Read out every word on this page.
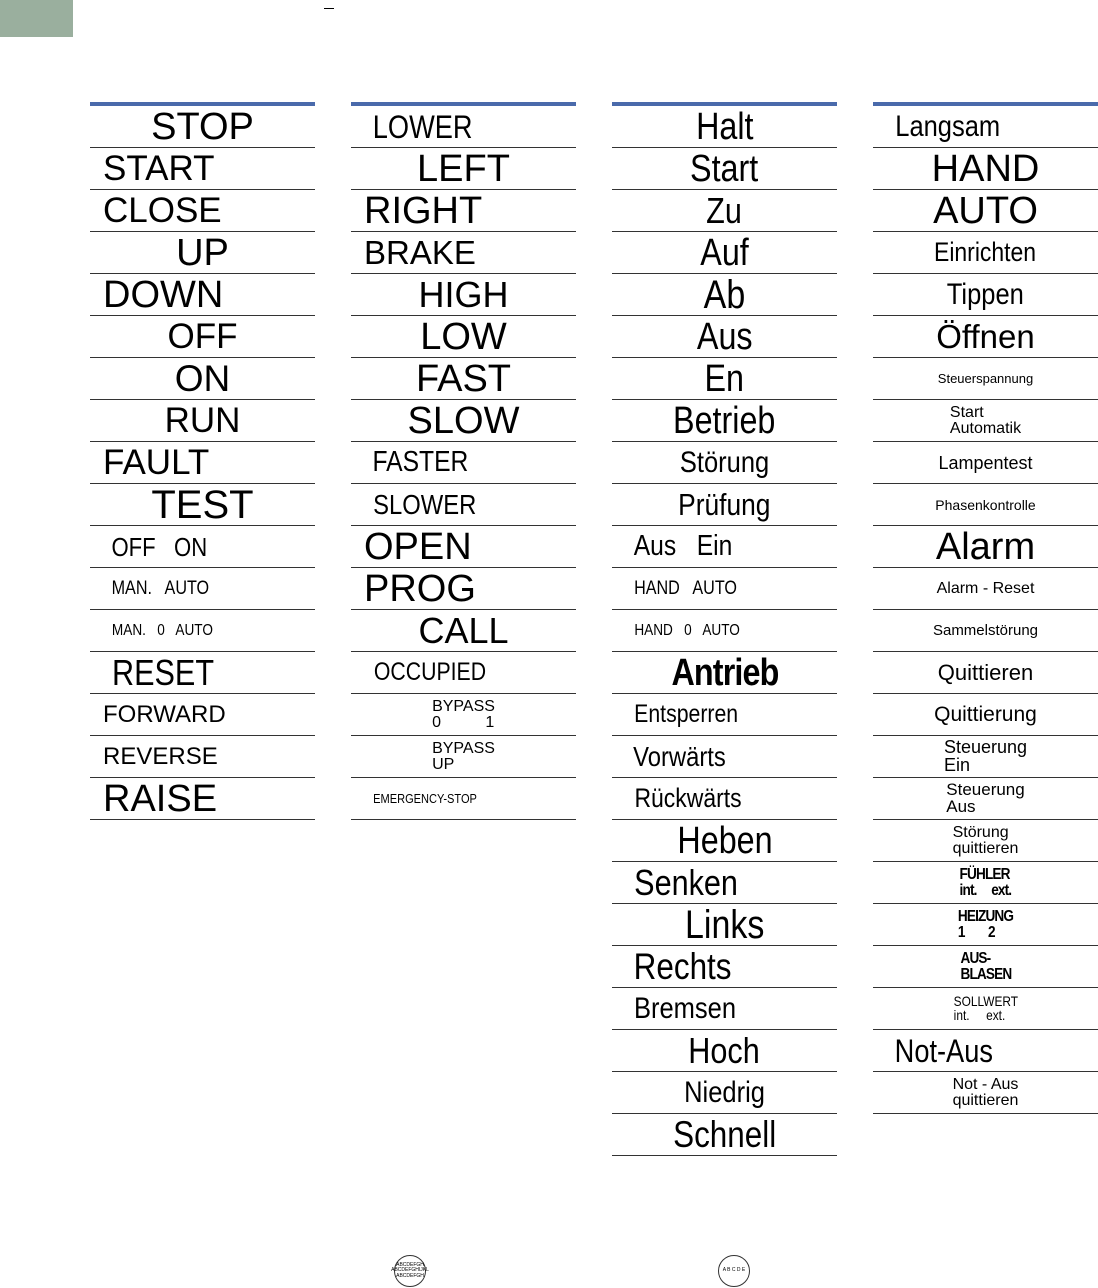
STOP
START
CLOSE
UP
DOWN
OFF
ON
RUN
FAULT
TEST
OFF   ON
MAN.   AUTO
MAN.   0   AUTO
RESET
FORWARD
REVERSE
RAISE
LOWER
LEFT
RIGHT
BRAKE
HIGH
LOW
FAST
SLOW
FASTER
SLOWER
OPEN
PROG
CALL
OCCUPIED
BYPASS
0          1
BYPASS
UP
EMERGENCY-STOP
Halt
Start
Zu
Auf
Ab
Aus
En
Betrieb
Störung
Prüfung
Aus   Ein
HAND   AUTO
HAND   0   AUTO
Antrieb
Entsperren
Vorwärts
Rückwärts
Heben
Senken
Links
Rechts
Bremsen
Hoch
Niedrig
Schnell
Langsam
HAND
AUTO
Einrichten
Tippen
Öffnen
Steuerspannung
Start
Automatik
Lampentest
Phasenkontrolle
Alarm
Alarm - Reset
Sammelstörung
Quittieren
Quittierung
Steuerung
Ein
Steuerung
Aus
Störung
quittieren
FÜHLER
int.     ext.
HEIZUNG
1        2
AUS-
BLASEN
SOLLWERT
int.     ext.
Not-Aus
Not - Aus
quittieren
ABCDEFGH
ABCDEFGHIJKL
ABCDEFGH
A B C D E
